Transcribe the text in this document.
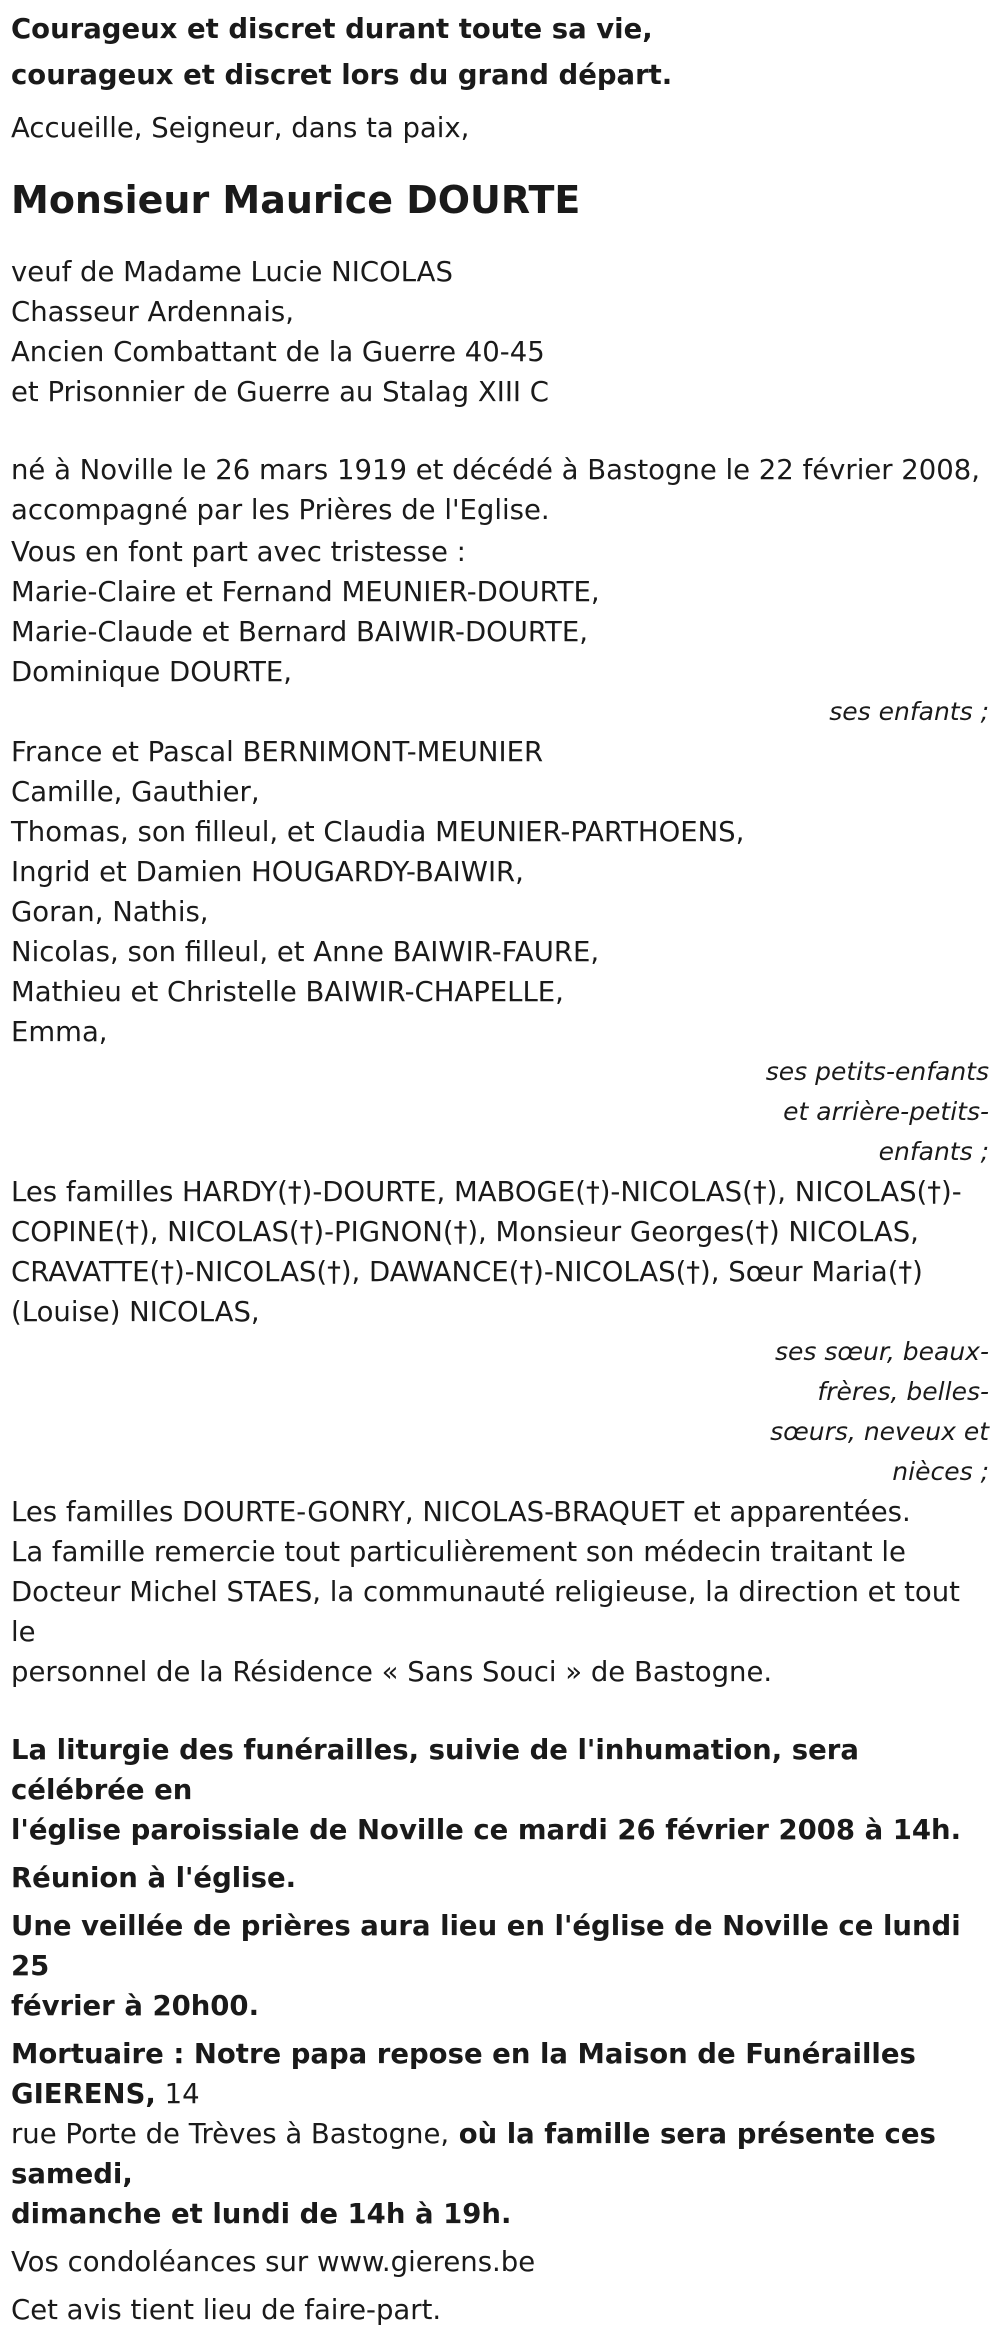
Courageux et discret durant toute sa vie,

courageux et discret lors du grand départ.

Accueille, Seigneur, dans ta paix,

Monsieur Maurice DOURTE

veuf de Madame Lucie NICOLAS

Chasseur Ardennais,

Ancien Combattant de la Guerre 40-45

et Prisonnier de Guerre au Stalag XIII C

né à Noville le 26 mars 1919 et décédé à Bastogne le 22 février 2008,

accompagné par les Prières de l'Eglise.

Vous en font part avec tristesse :

Marie-Claire et Fernand MEUNIER-DOURTE,

Marie-Claude et Bernard BAIWIR-DOURTE,

Dominique DOURTE,

ses enfants ;

France et Pascal BERNIMONT-MEUNIER

Camille, Gauthier,

Thomas, son filleul, et Claudia MEUNIER-PARTHOENS,

Ingrid et Damien HOUGARDY-BAIWIR,

Goran, Nathis,

Nicolas, son filleul, et Anne BAIWIR-FAURE,

Mathieu et Christelle BAIWIR-CHAPELLE,

Emma,

ses petits-enfants

et arrière-petits-

enfants ;

Les familles HARDY(†)-DOURTE, MABOGE(†)-NICOLAS(†), NICOLAS(†)-

COPINE(†), NICOLAS(†)-PIGNON(†), Monsieur Georges(†) NICOLAS,

CRAVATTE(†)-NICOLAS(†), DAWANCE(†)-NICOLAS(†), Sœur Maria(†)

(Louise) NICOLAS,

ses sœur, beaux-

frères, belles-

sœurs, neveux et

nièces ;

Les familles DOURTE-GONRY, NICOLAS-BRAQUET et apparentées.

La famille remercie tout particulièrement son médecin traitant le

Docteur Michel STAES, la communauté religieuse, la direction et tout le

personnel de la Résidence « Sans Souci » de Bastogne.

La liturgie des funérailles, suivie de l'inhumation, sera célébrée en

l'église paroissiale de Noville ce mardi 26 février 2008 à 14h.

Réunion à l'église.

Une veillée de prières aura lieu en l'église de Noville ce lundi 25

février à 20h00.

Mortuaire : Notre papa repose en la Maison de Funérailles GIERENS, 14

rue Porte de Trèves à Bastogne, où la famille sera présente ces samedi,

dimanche et lundi de 14h à 19h.

Vos condoléances sur www.gierens.be

Cet avis tient lieu de faire-part.
